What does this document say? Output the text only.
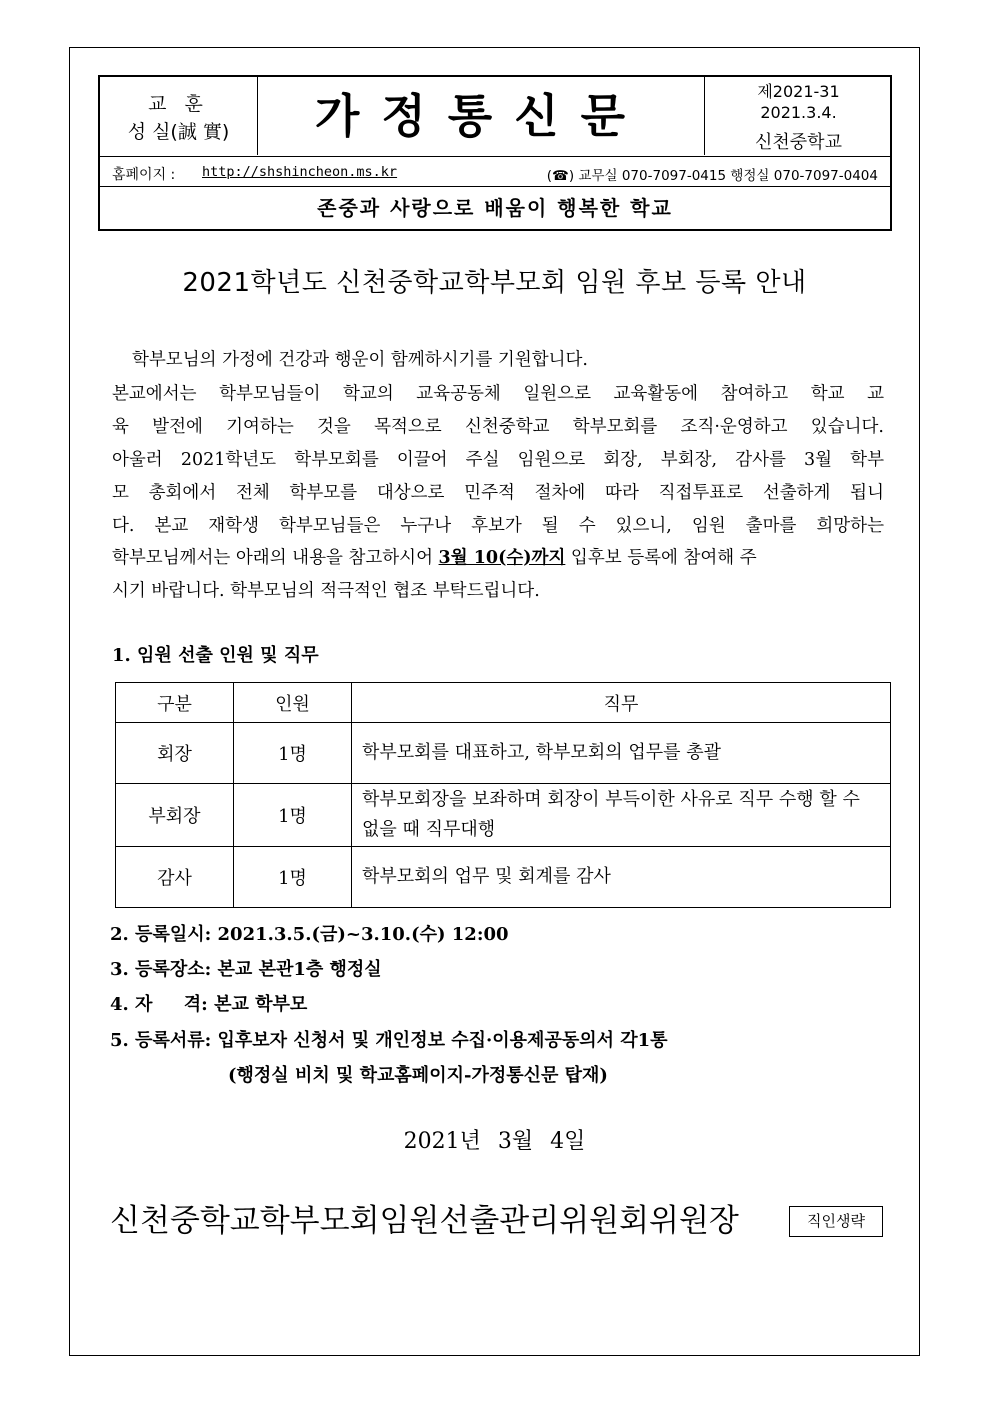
교 훈
성 실(誠 實)	가정통신문	제2021-31
2021.3.4.
신천중학교
홈페이지 : http://shshincheon.ms.kr	(☎) 교무실 070-7097-0415 행정실 070-7097-0404
존중과 사랑으로 배움이 행복한 학교
2021학년도 신천중학교학부모회 임원 후보 등록 안내
학부모님의 가정에 건강과 행운이 함께하시기를 기원합니다.
본교에서는 학부모님들이 학교의 교육공동체 일원으로 교육활동에 참여하고 학교 교
육 발전에 기여하는 것을 목적으로 신천중학교 학부모회를 조직·운영하고 있습니다.
아울러 2021학년도 학부모회를 이끌어 주실 임원으로 회장, 부회장, 감사를 3월 학부
모 총회에서 전체 학부모를 대상으로 민주적 절차에 따라 직접투표로 선출하게 됩니
다. 본교 재학생 학부모님들은 누구나 후보가 될 수 있으니, 임원 출마를 희망하는
학부모님께서는 아래의 내용을 참고하시어 3월 10(수)까지 입후보 등록에 참여해 주
시기 바랍니다. 학부모님의 적극적인 협조 부탁드립니다.
1. 임원 선출 인원 및 직무
구분	인원	직무
회장	1명	학부모회를 대표하고, 학부모회의 업무를 총괄
부회장	1명	학부모회장을 보좌하며 회장이 부득이한 사유로 직무 수행 할 수 없을 때 직무대행
감사	1명	학부모회의 업무 및 회계를 감사
2. 등록일시: 2021.3.5.(금)~3.10.(수) 12:00
3. 등록장소: 본교 본관1층 행정실
4. 자     격: 본교 학부모
5. 등록서류: 입후보자 신청서 및 개인정보 수집·이용제공동의서 각1통
(행정실 비치 및 학교홈페이지-가정통신문 탑재)
2021년 3월 4일
신천중학교학부모회임원선출관리위원회위원장	직인생략
